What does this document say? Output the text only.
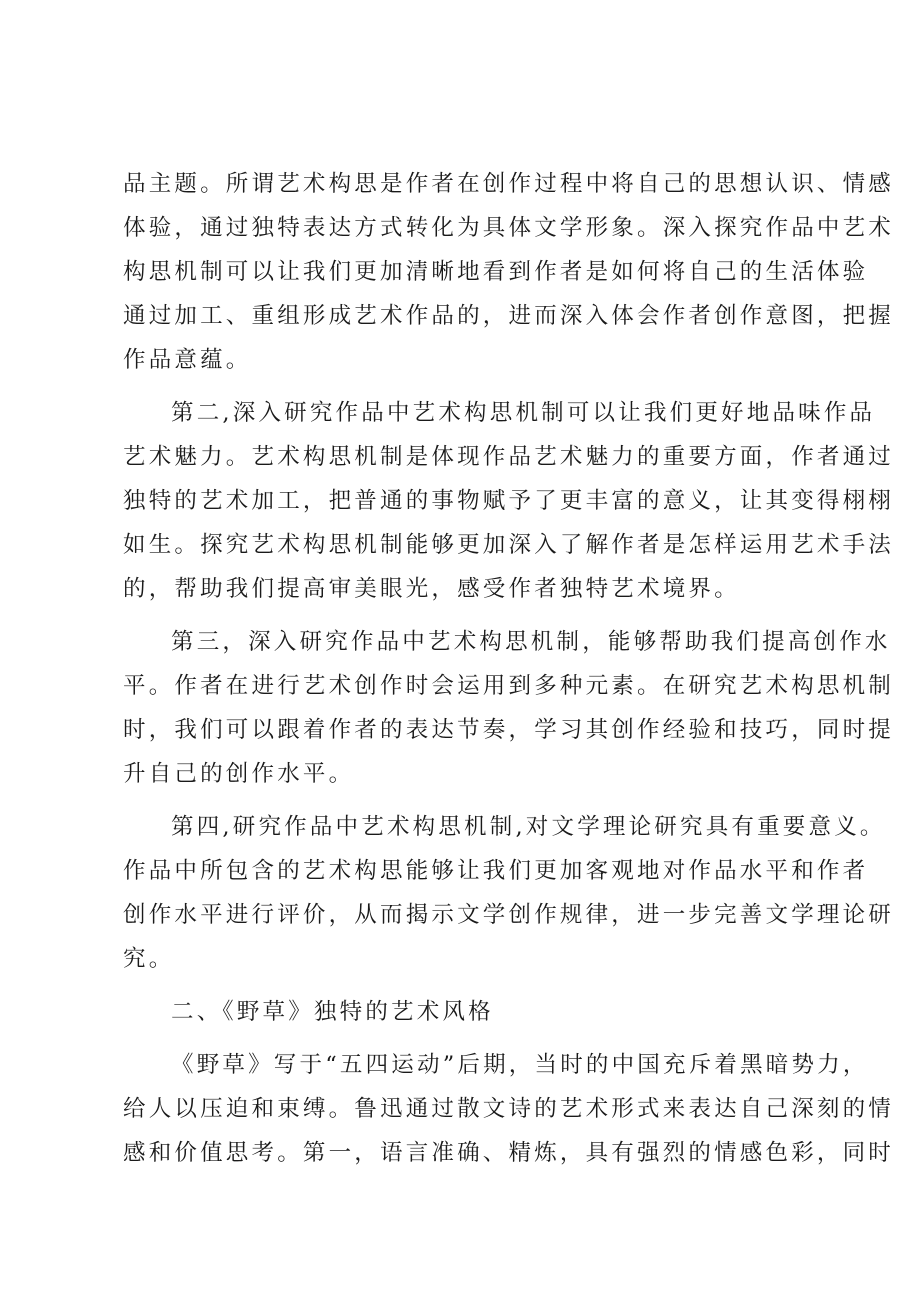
品主题。所谓艺术构思是作者在创作过程中将自己的思想认识、情感
体验，通过独特表达方式转化为具体文学形象。深入探究作品中艺术
构思机制可以让我们更加清晰地看到作者是如何将自己的生活体验
通过加工、重组形成艺术作品的，进而深入体会作者创作意图，把握
作品意蕴。
第二,深入研究作品中艺术构思机制可以让我们更好地品味作品
艺术魅力。艺术构思机制是体现作品艺术魅力的重要方面，作者通过
独特的艺术加工，把普通的事物赋予了更丰富的意义，让其变得栩栩
如生。探究艺术构思机制能够更加深入了解作者是怎样运用艺术手法
的，帮助我们提高审美眼光，感受作者独特艺术境界。
第三，深入研究作品中艺术构思机制，能够帮助我们提高创作水
平。作者在进行艺术创作时会运用到多种元素。在研究艺术构思机制
时，我们可以跟着作者的表达节奏，学习其创作经验和技巧，同时提
升自己的创作水平。
第四,研究作品中艺术构思机制,对文学理论研究具有重要意义。
作品中所包含的艺术构思能够让我们更加客观地对作品水平和作者
创作水平进行评价，从而揭示文学创作规律，进一步完善文学理论研
究。
二、《野草》独特的艺术风格
《野草》写于“五四运动”后期，当时的中国充斥着黑暗势力，
给人以压迫和束缚。鲁迅通过散文诗的艺术形式来表达自己深刻的情
感和价值思考。第一，语言准确、精炼，具有强烈的情感色彩，同时
